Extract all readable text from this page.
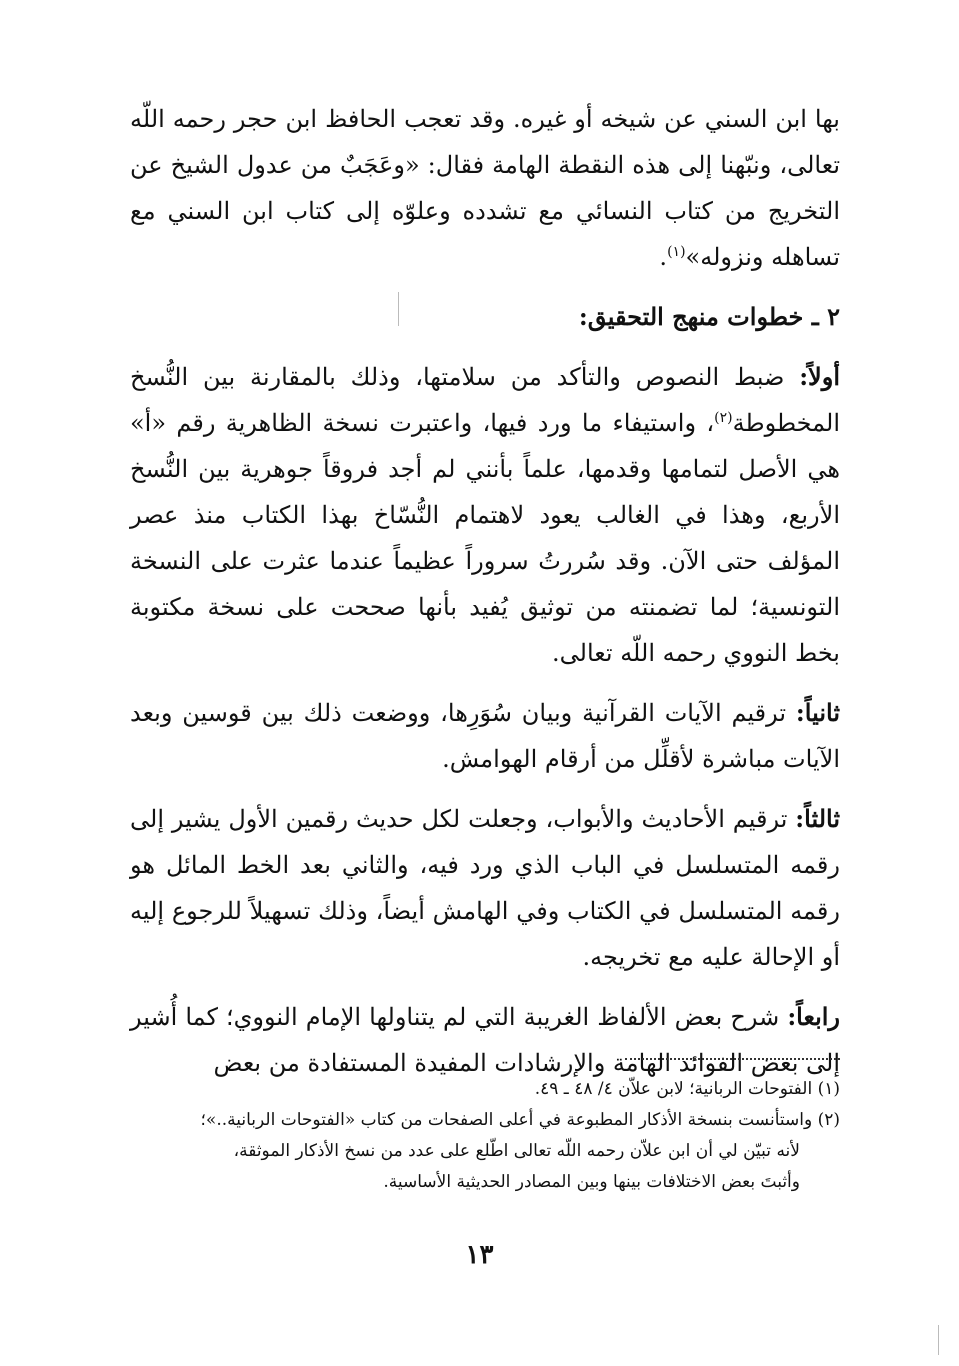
بها ابن السني عن شيخه أو غيره. وقد تعجب الحافظ ابن حجر رحمه اللّه تعالى، ونبّهنا إلى هذه النقطة الهامة فقال: «وعَجَبٌ من عدول الشيخ عن التخريج من كتاب النسائي مع تشدده وعلوّه إلى كتاب ابن السني مع تساهله ونزوله»$^{(١)}$.

٢ ـ خطوات منهج التحقيق:

أولاً: ضبط النصوص والتأكد من سلامتها، وذلك بالمقارنة بين النُّسخ المخطوطة$^{(٢)}$، واستيفاء ما ورد فيها، واعتبرت نسخة الظاهرية رقم «أ» هي الأصل لتمامها وقدمها، علماً بأنني لم أجد فروقاً جوهرية بين النُّسخ الأربع، وهذا في الغالب يعود لاهتمام النُّسّاخ بهذا الكتاب منذ عصر المؤلف حتى الآن. وقد سُررتُ سروراً عظيماً عندما عثرت على النسخة التونسية؛ لما تضمنته من توثيق يُفيد بأنها صححت على نسخة مكتوبة بخط النووي رحمه اللّه تعالى.

ثانياً: ترقيم الآيات القرآنية وبيان سُوَرِها، ووضعت ذلك بين قوسين وبعد الآيات مباشرة لأقلِّل من أرقام الهوامش.

ثالثاً: ترقيم الأحاديث والأبواب، وجعلت لكل حديث رقمين الأول يشير إلى رقمه المتسلسل في الباب الذي ورد فيه، والثاني بعد الخط المائل هو رقمه المتسلسل في الكتاب وفي الهامش أيضاً، وذلك تسهيلاً للرجوع إليه أو الإحالة عليه مع تخريجه.

رابعاً: شرح بعض الألفاظ الغريبة التي لم يتناولها الإمام النووي؛ كما أُشير إلى بعض الفوائد الهامة والإرشادات المفيدة المستفادة من بعض

(١) الفتوحات الربانية؛ لابن علاّن ٤/ ٤٨ ـ ٤٩.

(٢) واستأنست بنسخة الأذكار المطبوعة في أعلى الصفحات من كتاب «الفتوحات الربانية..»؛

لأنه تبيّن لي أن ابن علاّن رحمه اللّه تعالى اطّلع على عدد من نسخ الأذكار الموثقة،

وأثبتَ بعض الاختلافات بينها وبين المصادر الحديثية الأساسية.

١٣
